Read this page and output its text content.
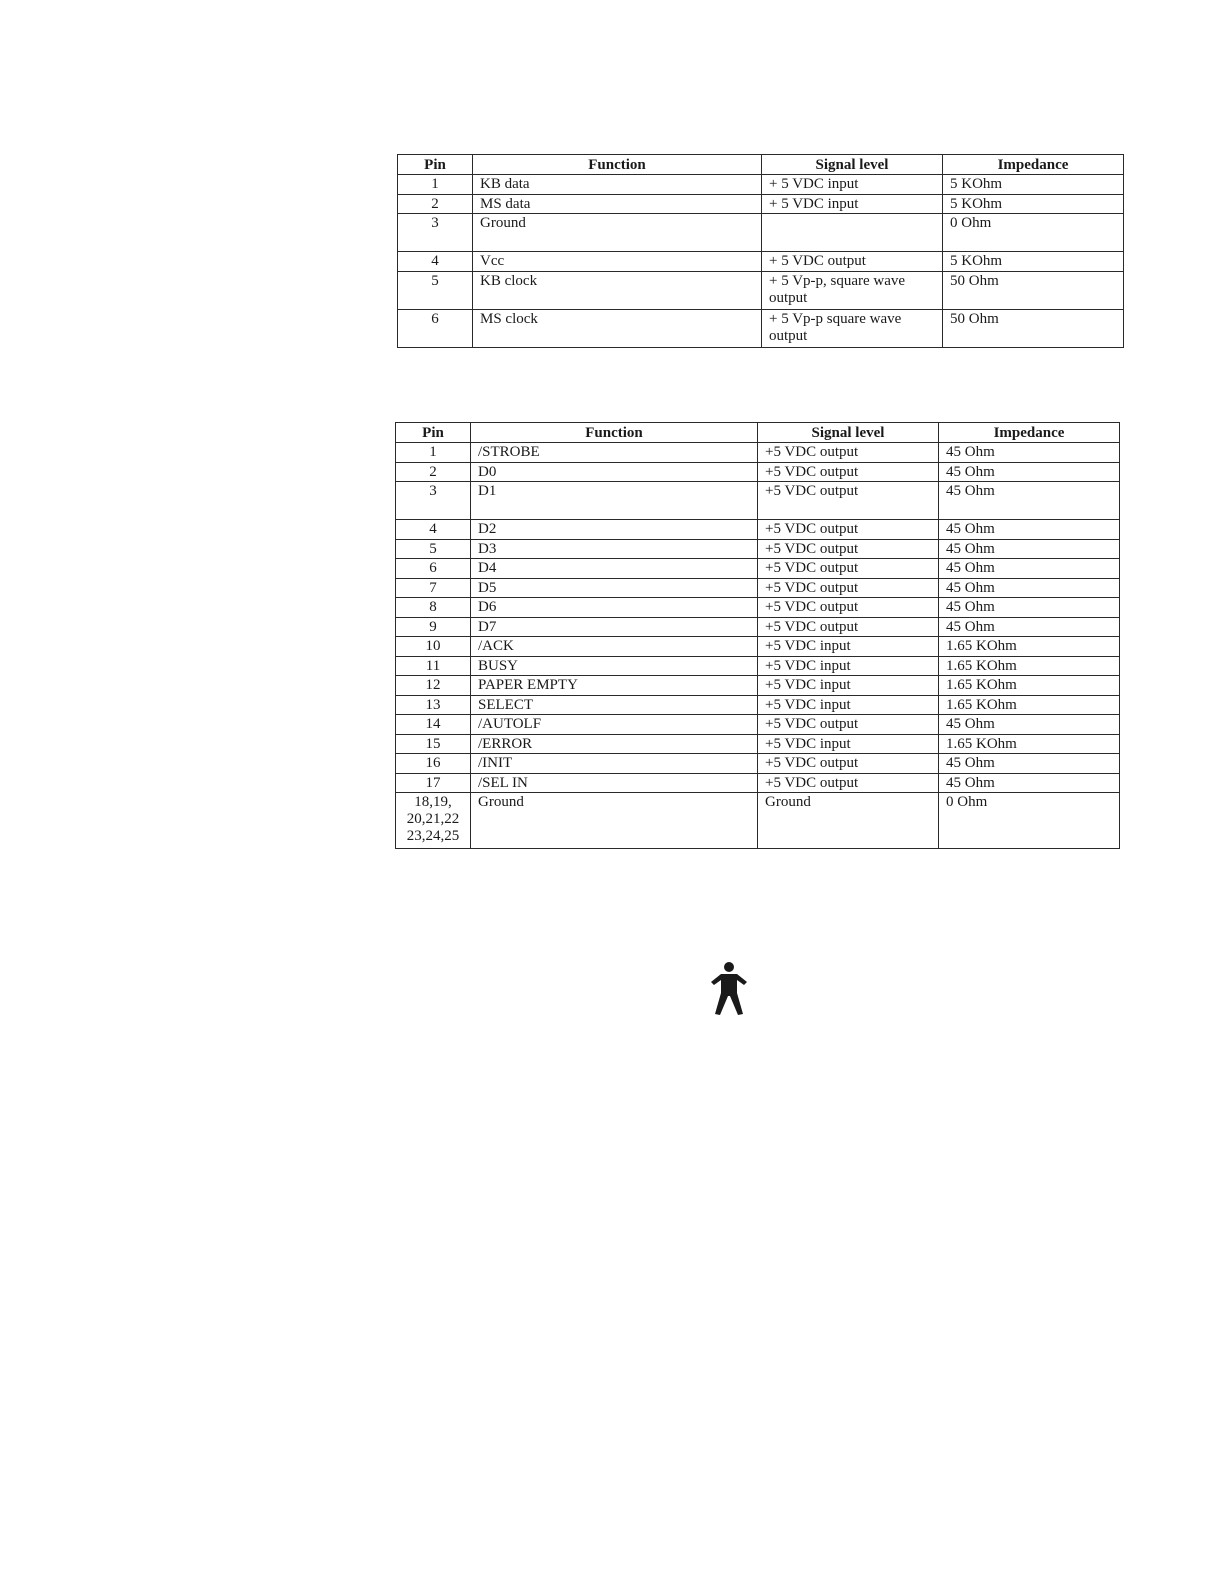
Pin	Function	Signal level	Impedance
1	KB data	+ 5 VDC input	5 KOhm
2	MS data	+ 5 VDC input	5 KOhm
3	Ground		0 Ohm
4	Vcc	+ 5 VDC output	5 KOhm
5	KB clock	+ 5 Vp-p, square wave output	50 Ohm
6	MS clock	+ 5 Vp-p square wave output	50 Ohm
Pin	Function	Signal level	Impedance
1	/STROBE	+5 VDC output	45 Ohm
2	D0	+5 VDC output	45 Ohm
3	D1	+5 VDC output	45 Ohm
4	D2	+5 VDC output	45 Ohm
5	D3	+5 VDC output	45 Ohm
6	D4	+5 VDC output	45 Ohm
7	D5	+5 VDC output	45 Ohm
8	D6	+5 VDC output	45 Ohm
9	D7	+5 VDC output	45 Ohm
10	/ACK	+5 VDC input	1.65 KOhm
11	BUSY	+5 VDC input	1.65 KOhm
12	PAPER EMPTY	+5 VDC input	1.65 KOhm
13	SELECT	+5 VDC input	1.65 KOhm
14	/AUTOLF	+5 VDC output	45 Ohm
15	/ERROR	+5 VDC input	1.65 KOhm
16	/INIT	+5 VDC output	45 Ohm
17	/SEL IN	+5 VDC output	45 Ohm
18,19, 20,21,22 23,24,25	Ground	Ground	0 Ohm
